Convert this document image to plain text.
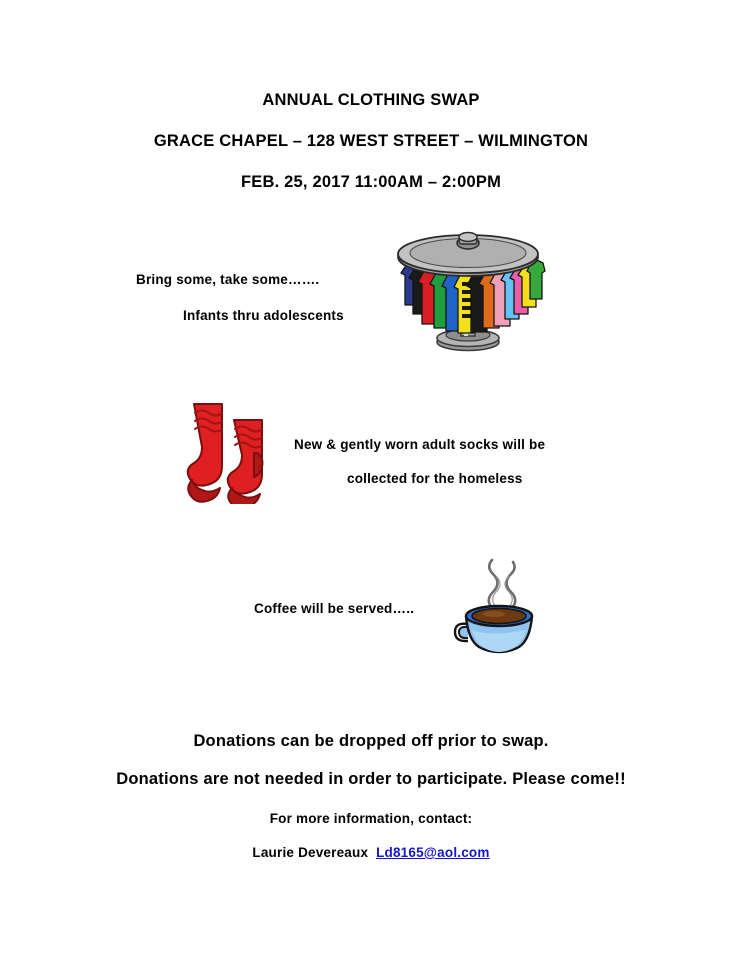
ANNUAL CLOTHING SWAP
GRACE CHAPEL – 128 WEST STREET – WILMINGTON
FEB. 25, 2017 11:00AM – 2:00PM
Bring some, take some…….
Infants thru adolescents
New & gently worn adult socks will be
collected for the homeless
Coffee will be served…..
Donations can be dropped off prior to swap.
Donations are not needed in order to participate. Please come!!
For more information, contact:
Laurie Devereaux Ld8165@aol.com
